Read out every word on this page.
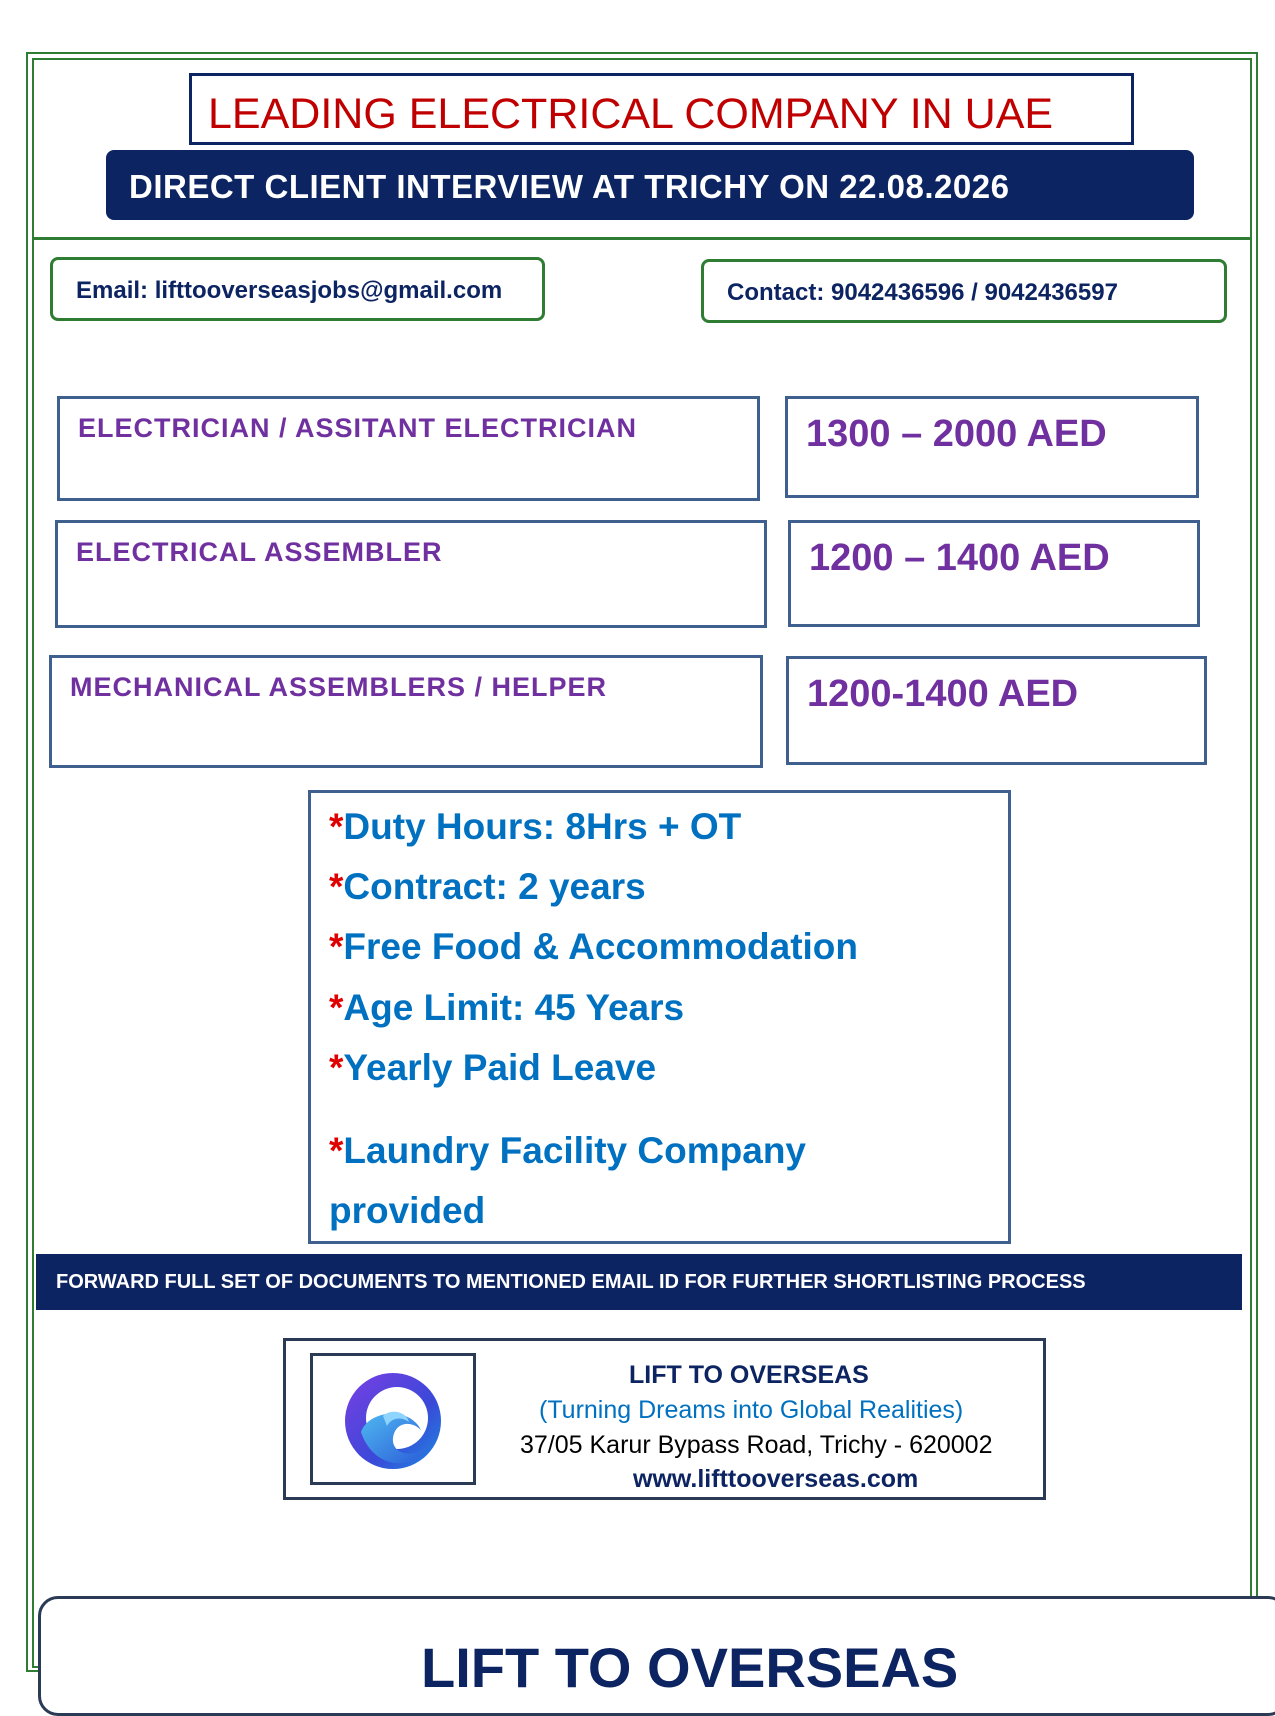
LEADING ELECTRICAL COMPANY IN UAE
DIRECT CLIENT INTERVIEW AT TRICHY ON 22.08.2026
Email: lifttooverseasjobs@gmail.com	Contact: 9042436596 / 9042436597
ELECTRICIAN / ASSITANT ELECTRICIAN	1300 – 2000 AED
ELECTRICAL ASSEMBLER	1200 – 1400 AED
MECHANICAL ASSEMBLERS / HELPER	1200-1400 AED
*Duty Hours: 8Hrs + OT
*Contract: 2 years
*Free Food & Accommodation
*Age Limit: 45 Years
*Yearly Paid Leave
*Laundry Facility Company
provided
FORWARD FULL SET OF DOCUMENTS TO MENTIONED EMAIL ID FOR FURTHER SHORTLISTING PROCESS
LIFT TO OVERSEAS
(Turning Dreams into Global Realities)
37/05 Karur Bypass Road, Trichy - 620002
www.lifttooverseas.com
LIFT TO OVERSEAS
